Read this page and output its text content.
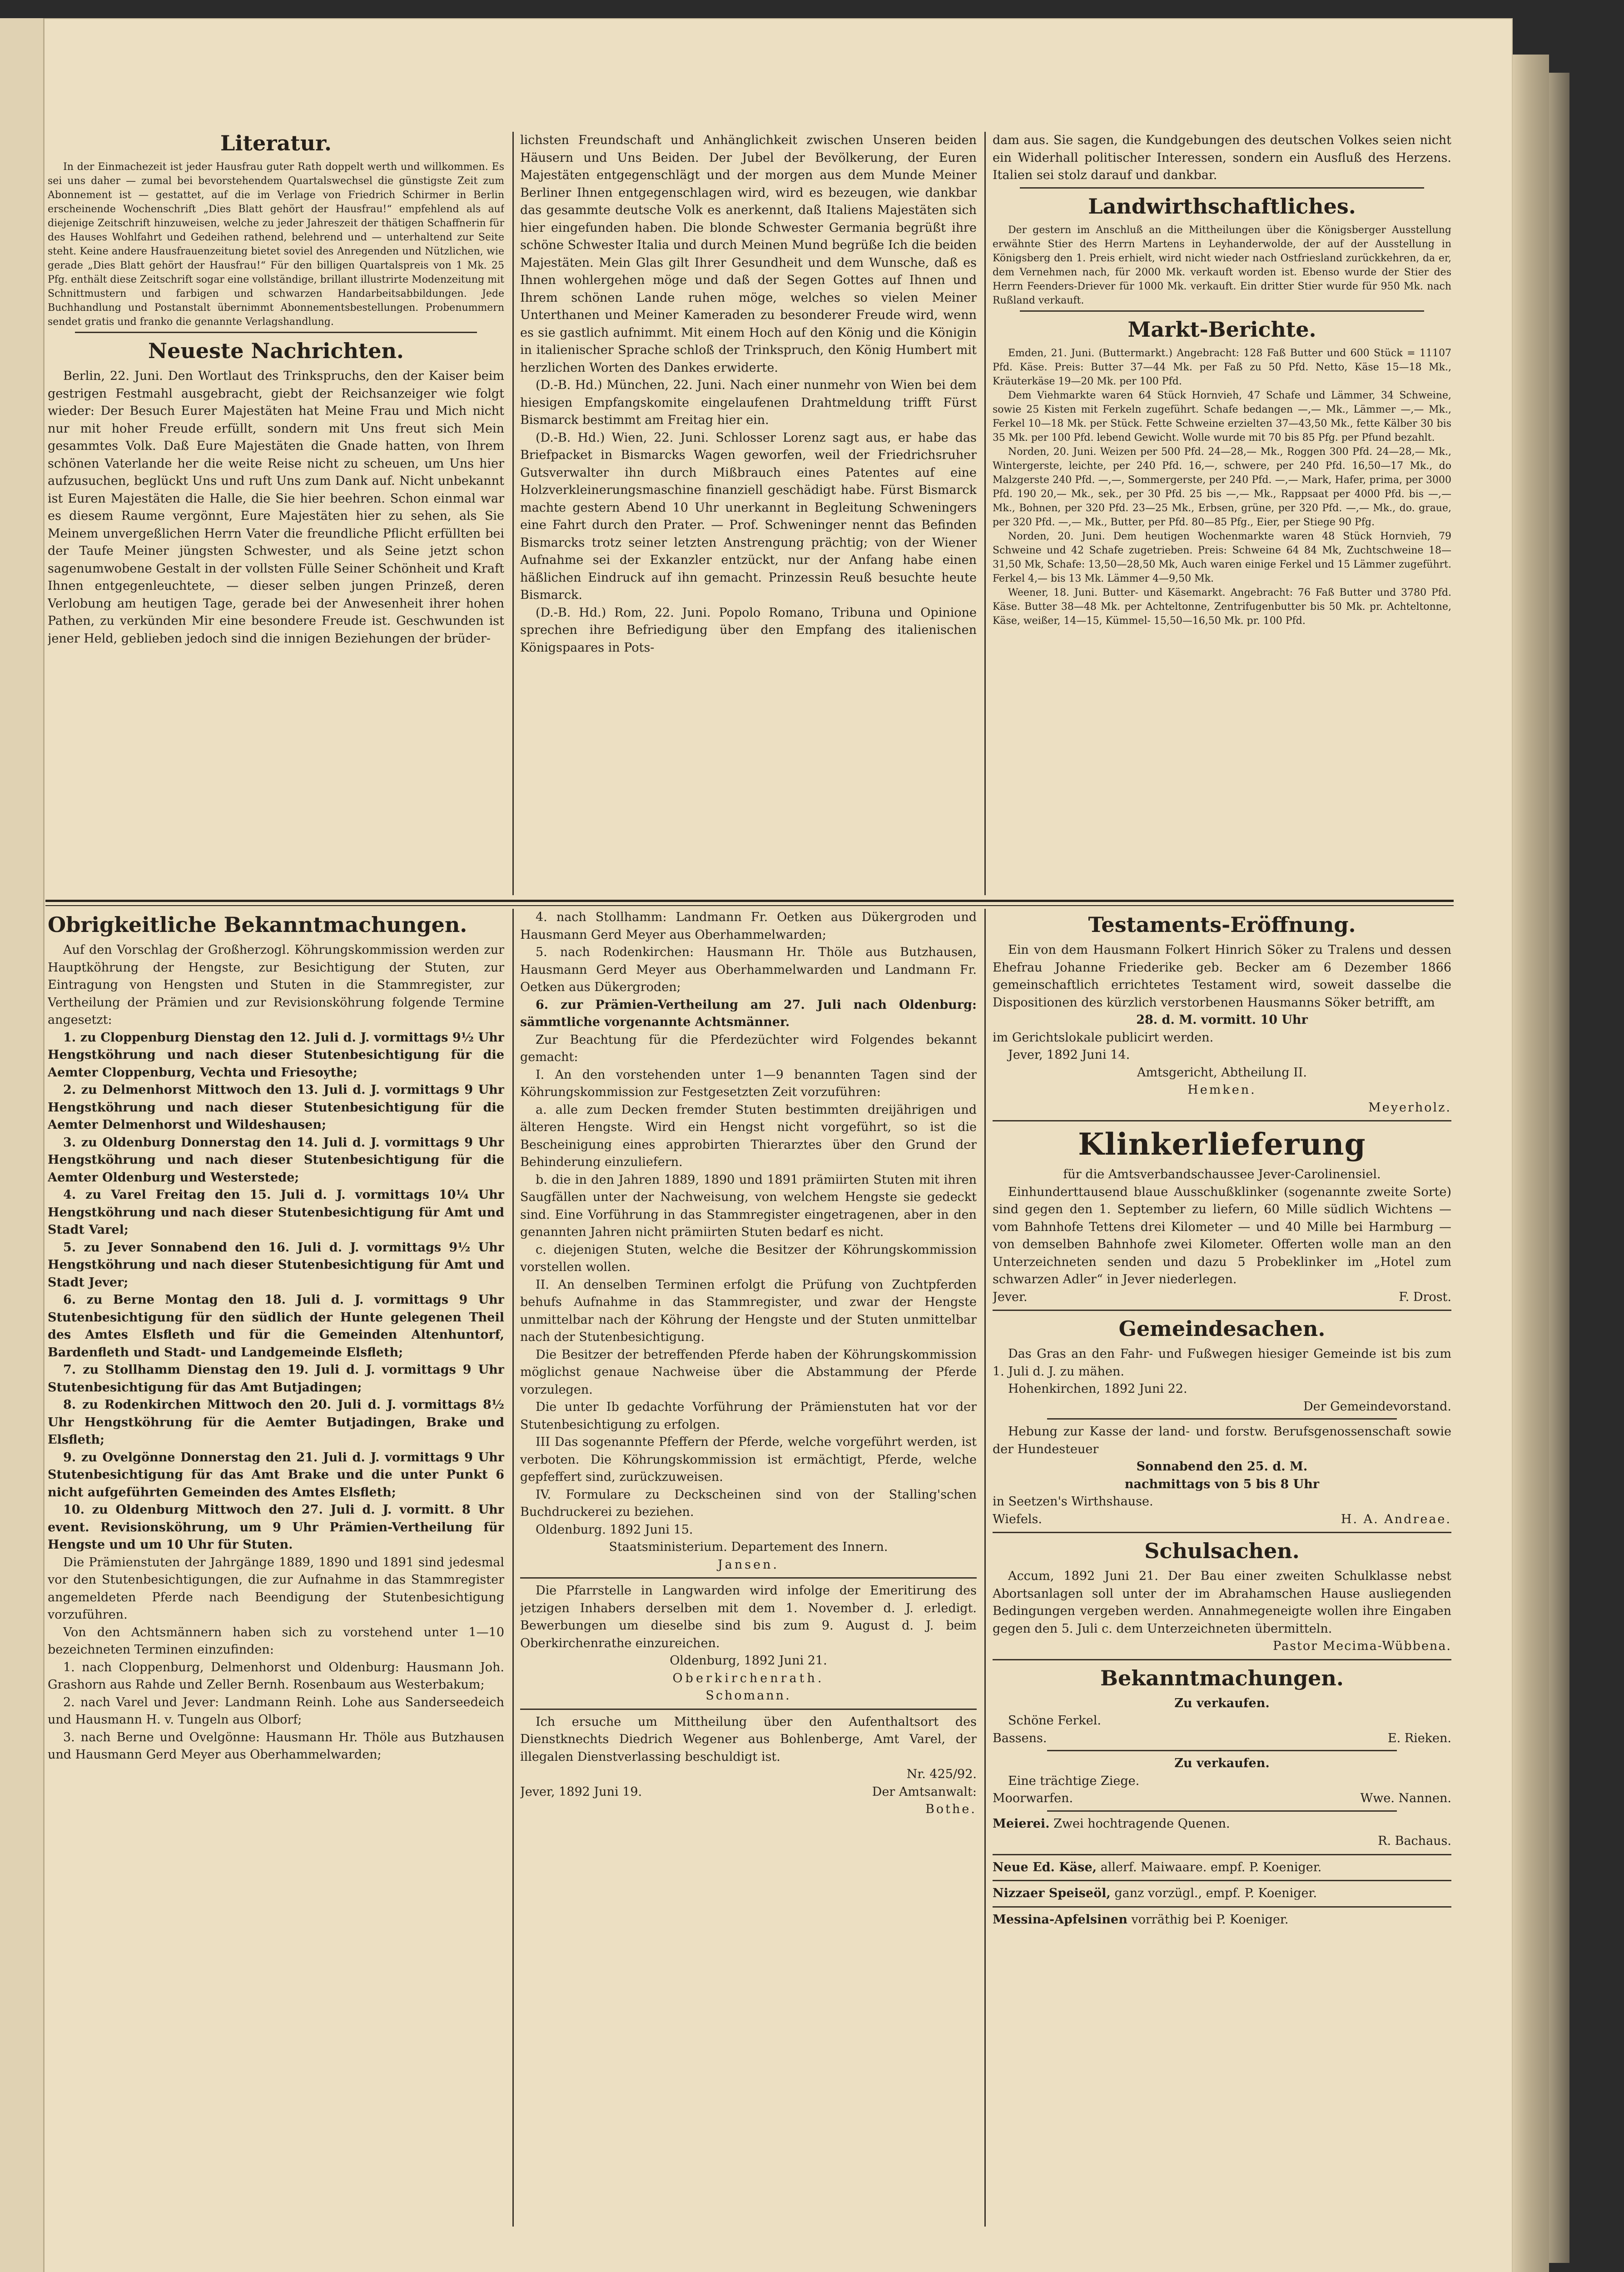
Literatur.

In der Einmachezeit ist jeder Hausfrau guter Rath doppelt werth und willkommen. Es sei uns daher — zumal bei bevorstehendem Quartalswechsel die günstigste Zeit zum Abonnement ist — gestattet, auf die im Verlage von Friedrich Schirmer in Berlin erscheinende Wochenschrift „Dies Blatt gehört der Hausfrau!“ empfehlend als auf diejenige Zeitschrift hinzuweisen, welche zu jeder Jahreszeit der thätigen Schaffnerin für des Hauses Wohlfahrt und Gedeihen rathend, belehrend und — unterhaltend zur Seite steht. Keine andere Hausfrauenzeitung bietet soviel des Anregenden und Nützlichen, wie gerade „Dies Blatt gehört der Hausfrau!“ Für den billigen Quartalspreis von 1 Mk. 25 Pfg. enthält diese Zeitschrift sogar eine vollständige, brillant illustrirte Modenzeitung mit Schnittmustern und farbigen und schwarzen Handarbeitsabbildungen. Jede Buchhandlung und Postanstalt übernimmt Abonnementsbestellungen. Probenummern sendet gratis und franko die genannte Verlagshandlung.

Neueste Nachrichten.

Berlin, 22. Juni. Den Wortlaut des Trinkspruchs, den der Kaiser beim gestrigen Festmahl ausgebracht, giebt der Reichsanzeiger wie folgt wieder: Der Besuch Eurer Majestäten hat Meine Frau und Mich nicht nur mit hoher Freude erfüllt, sondern mit Uns freut sich Mein gesammtes Volk. Daß Eure Majestäten die Gnade hatten, von Ihrem schönen Vaterlande her die weite Reise nicht zu scheuen, um Uns hier aufzusuchen, beglückt Uns und ruft Uns zum Dank auf. Nicht unbekannt ist Euren Majestäten die Halle, die Sie hier beehren. Schon einmal war es diesem Raume vergönnt, Eure Majestäten hier zu sehen, als Sie Meinem unvergeßlichen Herrn Vater die freundliche Pflicht erfüllten bei der Taufe Meiner jüngsten Schwester, und als Seine jetzt schon sagenumwobene Gestalt in der vollsten Fülle Seiner Schönheit und Kraft Ihnen entgegenleuchtete, — dieser selben jungen Prinzeß, deren Verlobung am heutigen Tage, gerade bei der Anwesenheit ihrer hohen Pathen, zu verkünden Mir eine besondere Freude ist. Geschwunden ist jener Held, geblieben jedoch sind die innigen Beziehungen der brüder-

lichsten Freundschaft und Anhänglichkeit zwischen Unseren beiden Häusern und Uns Beiden. Der Jubel der Bevölkerung, der Euren Majestäten entgegenschlägt und der morgen aus dem Munde Meiner Berliner Ihnen entgegenschlagen wird, wird es bezeugen, wie dankbar das gesammte deutsche Volk es anerkennt, daß Italiens Majestäten sich hier eingefunden haben. Die blonde Schwester Germania begrüßt ihre schöne Schwester Italia und durch Meinen Mund begrüße Ich die beiden Majestäten. Mein Glas gilt Ihrer Gesundheit und dem Wunsche, daß es Ihnen wohlergehen möge und daß der Segen Gottes auf Ihnen und Ihrem schönen Lande ruhen möge, welches so vielen Meiner Unterthanen und Meiner Kameraden zu besonderer Freude wird, wenn es sie gastlich aufnimmt. Mit einem Hoch auf den König und die Königin in italienischer Sprache schloß der Trinkspruch, den König Humbert mit herzlichen Worten des Dankes erwiderte.

(D.-B. Hd.) München, 22. Juni. Nach einer nunmehr von Wien bei dem hiesigen Empfangskomite eingelaufenen Drahtmeldung trifft Fürst Bismarck bestimmt am Freitag hier ein.

(D.-B. Hd.) Wien, 22. Juni. Schlosser Lorenz sagt aus, er habe das Briefpacket in Bismarcks Wagen geworfen, weil der Friedrichsruher Gutsverwalter ihn durch Mißbrauch eines Patentes auf eine Holzverkleinerungsmaschine finanziell geschädigt habe. Fürst Bismarck machte gestern Abend 10 Uhr unerkannt in Begleitung Schweningers eine Fahrt durch den Prater. — Prof. Schweninger nennt das Befinden Bismarcks trotz seiner letzten Anstrengung prächtig; von der Wiener Aufnahme sei der Exkanzler entzückt, nur der Anfang habe einen häßlichen Eindruck auf ihn gemacht. Prinzessin Reuß besuchte heute Bismarck.

(D.-B. Hd.) Rom, 22. Juni. Popolo Romano, Tribuna und Opinione sprechen ihre Befriedigung über den Empfang des italienischen Königspaares in Pots-

dam aus. Sie sagen, die Kundgebungen des deutschen Volkes seien nicht ein Widerhall politischer Interessen, sondern ein Ausfluß des Herzens. Italien sei stolz darauf und dankbar.

Landwirthschaftliches.

Der gestern im Anschluß an die Mittheilungen über die Königsberger Ausstellung erwähnte Stier des Herrn Martens in Leyhanderwolde, der auf der Ausstellung in Königsberg den 1. Preis erhielt, wird nicht wieder nach Ostfriesland zurückkehren, da er, dem Vernehmen nach, für 2000 Mk. verkauft worden ist. Ebenso wurde der Stier des Herrn Feenders-Driever für 1000 Mk. verkauft. Ein dritter Stier wurde für 950 Mk. nach Rußland verkauft.

Markt-Berichte.

Emden, 21. Juni. (Buttermarkt.) Angebracht: 128 Faß Butter und 600 Stück = 11107 Pfd. Käse. Preis: Butter 37—44 Mk. per Faß zu 50 Pfd. Netto, Käse 15—18 Mk., Kräuterkäse 19—20 Mk. per 100 Pfd.

Dem Viehmarkte waren 64 Stück Hornvieh, 47 Schafe und Lämmer, 34 Schweine, sowie 25 Kisten mit Ferkeln zugeführt. Schafe bedangen —,— Mk., Lämmer —,— Mk., Ferkel 10—18 Mk. per Stück. Fette Schweine erzielten 37—43,50 Mk., fette Kälber 30 bis 35 Mk. per 100 Pfd. lebend Gewicht. Wolle wurde mit 70 bis 85 Pfg. per Pfund bezahlt.

Norden, 20. Juni. Weizen per 500 Pfd. 24—28,— Mk., Roggen 300 Pfd. 24—28,— Mk., Wintergerste, leichte, per 240 Pfd. 16,—, schwere, per 240 Pfd. 16,50—17 Mk., do Malzgerste 240 Pfd. —,—, Sommergerste, per 240 Pfd. —,— Mark, Hafer, prima, per 3000 Pfd. 190 20,— Mk., sek., per 30 Pfd. 25 bis —,— Mk., Rappsaat per 4000 Pfd. bis —,— Mk., Bohnen, per 320 Pfd. 23—25 Mk., Erbsen, grüne, per 320 Pfd. —,— Mk., do. graue, per 320 Pfd. —,— Mk., Butter, per Pfd. 80—85 Pfg., Eier, per Stiege 90 Pfg.

Norden, 20. Juni. Dem heutigen Wochenmarkte waren 48 Stück Hornvieh, 79 Schweine und 42 Schafe zugetrieben. Preis: Schweine 64 84 Mk, Zuchtschweine 18—31,50 Mk, Schafe: 13,50—28,50 Mk, Auch waren einige Ferkel und 15 Lämmer zugeführt. Ferkel 4,— bis 13 Mk. Lämmer 4—9,50 Mk.

Weener, 18. Juni. Butter- und Käsemarkt. Angebracht: 76 Faß Butter und 3780 Pfd. Käse. Butter 38—48 Mk. per Achteltonne, Zentrifugenbutter bis 50 Mk. pr. Achteltonne, Käse, weißer, 14—15, Kümmel- 15,50—16,50 Mk. pr. 100 Pfd.

Obrigkeitliche Bekanntmachungen.

Auf den Vorschlag der Großherzogl. Köhrungskommission werden zur Hauptköhrung der Hengste, zur Besichtigung der Stuten, zur Eintragung von Hengsten und Stuten in die Stammregister, zur Vertheilung der Prämien und zur Revisionsköhrung folgende Termine angesetzt:

1. zu Cloppenburg Dienstag den 12. Juli d. J. vormittags 9½ Uhr Hengstköhrung und nach dieser Stutenbesichtigung für die Aemter Cloppenburg, Vechta und Friesoythe;

2. zu Delmenhorst Mittwoch den 13. Juli d. J. vormittags 9 Uhr Hengstköhrung und nach dieser Stutenbesichtigung für die Aemter Delmenhorst und Wildeshausen;

3. zu Oldenburg Donnerstag den 14. Juli d. J. vormittags 9 Uhr Hengstköhrung und nach dieser Stutenbesichtigung für die Aemter Oldenburg und Westerstede;

4. zu Varel Freitag den 15. Juli d. J. vormittags 10¼ Uhr Hengstköhrung und nach dieser Stutenbesichtigung für Amt und Stadt Varel;

5. zu Jever Sonnabend den 16. Juli d. J. vormittags 9½ Uhr Hengstköhrung und nach dieser Stutenbesichtigung für Amt und Stadt Jever;

6. zu Berne Montag den 18. Juli d. J. vormittags 9 Uhr Stutenbesichtigung für den südlich der Hunte gelegenen Theil des Amtes Elsfleth und für die Gemeinden Altenhuntorf, Bardenfleth und Stadt- und Landgemeinde Elsfleth;

7. zu Stollhamm Dienstag den 19. Juli d. J. vormittags 9 Uhr Stutenbesichtigung für das Amt Butjadingen;

8. zu Rodenkirchen Mittwoch den 20. Juli d. J. vormittags 8½ Uhr Hengstköhrung für die Aemter Butjadingen, Brake und Elsfleth;

9. zu Ovelgönne Donnerstag den 21. Juli d. J. vormittags 9 Uhr Stutenbesichtigung für das Amt Brake und die unter Punkt 6 nicht aufgeführten Gemeinden des Amtes Elsfleth;

10. zu Oldenburg Mittwoch den 27. Juli d. J. vormitt. 8 Uhr event. Revisionsköhrung, um 9 Uhr Prämien-Vertheilung für Hengste und um 10 Uhr für Stuten.

Die Prämienstuten der Jahrgänge 1889, 1890 und 1891 sind jedesmal vor den Stutenbesichtigungen, die zur Aufnahme in das Stammregister angemeldeten Pferde nach Beendigung der Stutenbesichtigung vorzuführen.

Von den Achtsmännern haben sich zu vorstehend unter 1—10 bezeichneten Terminen einzufinden:

1. nach Cloppenburg, Delmenhorst und Oldenburg: Hausmann Joh. Grashorn aus Rahde und Zeller Bernh. Rosenbaum aus Westerbakum;

2. nach Varel und Jever: Landmann Reinh. Lohe aus Sanderseedeich und Hausmann H. v. Tungeln aus Olborf;

3. nach Berne und Ovelgönne: Hausmann Hr. Thöle aus Butzhausen und Hausmann Gerd Meyer aus Oberhammelwarden;

4. nach Stollhamm: Landmann Fr. Oetken aus Dükergroden und Hausmann Gerd Meyer aus Oberhammelwarden;

5. nach Rodenkirchen: Hausmann Hr. Thöle aus Butzhausen, Hausmann Gerd Meyer aus Oberhammelwarden und Landmann Fr. Oetken aus Dükergroden;

6. zur Prämien-Vertheilung am 27. Juli nach Oldenburg: sämmtliche vorgenannte Achtsmänner.

Zur Beachtung für die Pferdezüchter wird Folgendes bekannt gemacht:

I. An den vorstehenden unter 1—9 benannten Tagen sind der Köhrungskommission zur Festgesetzten Zeit vorzuführen:

a. alle zum Decken fremder Stuten bestimmten dreijährigen und älteren Hengste. Wird ein Hengst nicht vorgeführt, so ist die Bescheinigung eines approbirten Thierarztes über den Grund der Behinderung einzuliefern.

b. die in den Jahren 1889, 1890 und 1891 prämiirten Stuten mit ihren Saugfällen unter der Nachweisung, von welchem Hengste sie gedeckt sind. Eine Vorführung in das Stammregister eingetragenen, aber in den genannten Jahren nicht prämiirten Stuten bedarf es nicht.

c. diejenigen Stuten, welche die Besitzer der Köhrungskommission vorstellen wollen.

II. An denselben Terminen erfolgt die Prüfung von Zuchtpferden behufs Aufnahme in das Stammregister, und zwar der Hengste unmittelbar nach der Köhrung der Hengste und der Stuten unmittelbar nach der Stutenbesichtigung.

Die Besitzer der betreffenden Pferde haben der Köhrungskommission möglichst genaue Nachweise über die Abstammung der Pferde vorzulegen.

Die unter Ib gedachte Vorführung der Prämienstuten hat vor der Stutenbesichtigung zu erfolgen.

III Das sogenannte Pfeffern der Pferde, welche vorgeführt werden, ist verboten. Die Köhrungskommission ist ermächtigt, Pferde, welche gepfeffert sind, zurückzuweisen.

IV. Formulare zu Deckscheinen sind von der Stalling'schen Buchdruckerei zu beziehen.

Oldenburg. 1892 Juni 15.

Staatsministerium. Departement des Innern.

Jansen.

Die Pfarrstelle in Langwarden wird infolge der Emeritirung des jetzigen Inhabers derselben mit dem 1. November d. J. erledigt. Bewerbungen um dieselbe sind bis zum 9. August d. J. beim Oberkirchenrathe einzureichen.

Oldenburg, 1892 Juni 21.

Oberkirchenrath.

Schomann.

Ich ersuche um Mittheilung über den Aufenthaltsort des Dienstknechts Diedrich Wegener aus Bohlenberge, Amt Varel, der illegalen Dienstverlassing beschuldigt ist.

Nr. 425/92.

Jever, 1892 Juni 19.	Der Amtsanwalt:

Bothe.

Testaments-Eröffnung.

Ein von dem Hausmann Folkert Hinrich Söker zu Tralens und dessen Ehefrau Johanne Friederike geb. Becker am 6 Dezember 1866 gemeinschaftlich errichtetes Testament wird, soweit dasselbe die Dispositionen des kürzlich verstorbenen Hausmanns Söker betrifft, am

28. d. M. vormitt. 10 Uhr

im Gerichtslokale publicirt werden.

Jever, 1892 Juni 14.

Amtsgericht, Abtheilung II.

Hemken.

Meyerholz.

Klinkerlieferung

für die Amtsverbandschaussee Jever-Carolinensiel.

Einhunderttausend blaue Ausschußklinker (sogenannte zweite Sorte) sind gegen den 1. September zu liefern, 60 Mille südlich Wichtens — vom Bahnhofe Tettens drei Kilometer — und 40 Mille bei Harmburg — von demselben Bahnhofe zwei Kilometer. Offerten wolle man an den Unterzeichneten senden und dazu 5 Probeklinker im „Hotel zum schwarzen Adler“ in Jever niederlegen.

Jever.	F. Drost.
Gemeindesachen.

Das Gras an den Fahr- und Fußwegen hiesiger Gemeinde ist bis zum 1. Juli d. J. zu mähen.

Hohenkirchen, 1892 Juni 22.

Der Gemeindevorstand.

Hebung zur Kasse der land- und forstw. Berufsgenossenschaft sowie der Hundesteuer

Sonnabend den 25. d. M.

nachmittags von 5 bis 8 Uhr

in Seetzen's Wirthshause.

Wiefels.	H. A. Andreae.
Schulsachen.

Accum, 1892 Juni 21. Der Bau einer zweiten Schulklasse nebst Abortsanlagen soll unter der im Abrahamschen Hause ausliegenden Bedingungen vergeben werden. Annahmegeneigte wollen ihre Eingaben gegen den 5. Juli c. dem Unterzeichneten übermitteln.

Pastor Mecima-Wübbena.

Bekanntmachungen.

Zu verkaufen.

Schöne Ferkel.

Bassens.	E. Rieken.

Zu verkaufen.

Eine trächtige Ziege.

Moorwarfen.	Wwe. Nannen.

Meierei. Zwei hochtragende Quenen.

R. Bachaus.

Neue Ed. Käse, allerf. Maiwaare. empf. P. Koeniger.

Nizzaer Speiseöl, ganz vorzügl., empf. P. Koeniger.

Messina-Apfelsinen vorräthig bei P. Koeniger.
